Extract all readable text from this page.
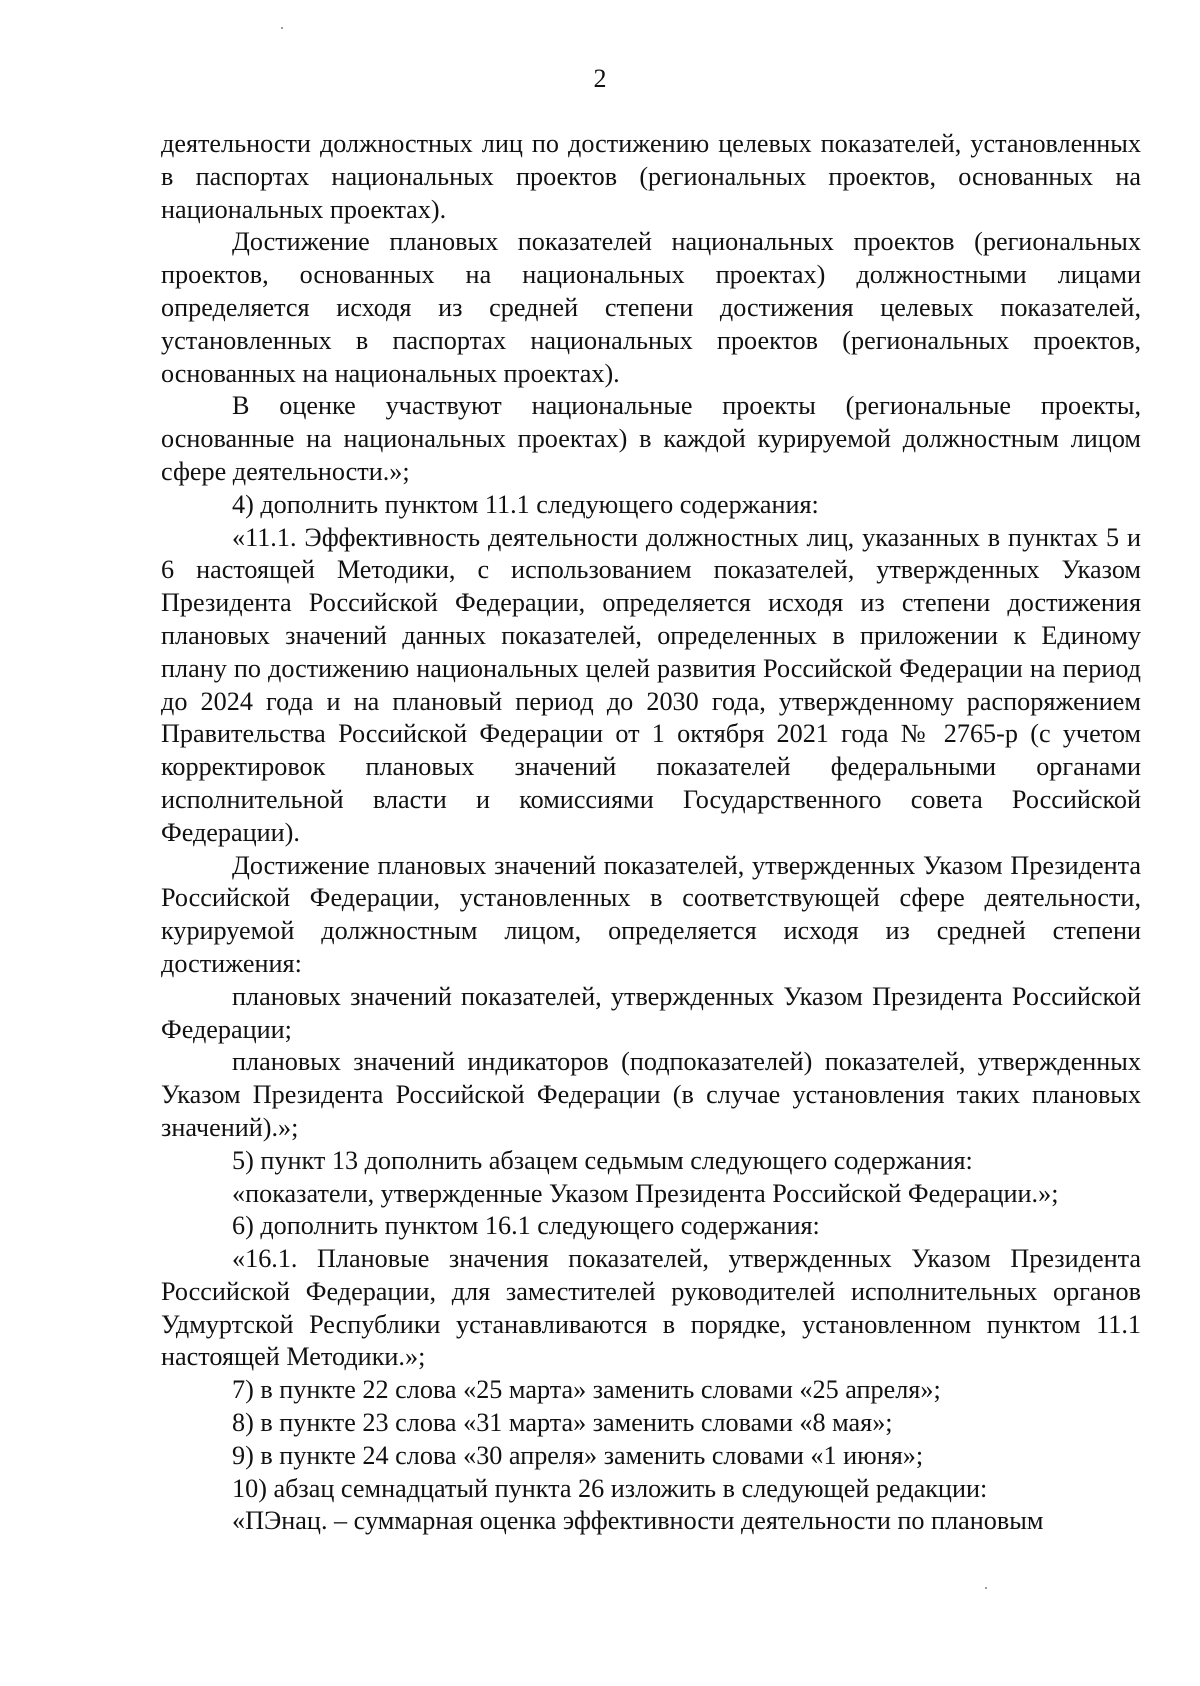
2

деятельности должностных лиц по достижению целевых показателей, установленных в паспортах национальных проектов (региональных проектов, основанных на национальных проектах).

Достижение плановых показателей национальных проектов (региональных проектов, основанных на национальных проектах) должностными лицами определяется исходя из средней степени достижения целевых показателей, установленных в паспортах национальных проектов (региональных проектов, основанных на национальных проектах).

В оценке участвуют национальные проекты (региональные проекты, основанные на национальных проектах) в каждой курируемой должностным лицом сфере деятельности.»;

4) дополнить пунктом 11.1 следующего содержания:

«11.1. Эффективность деятельности должностных лиц, указанных в пунктах 5 и 6 настоящей Методики, с использованием показателей, утвержденных Указом Президента Российской Федерации, определяется исходя из степени достижения плановых значений данных показателей, определенных в приложении к Единому плану по достижению национальных целей развития Российской Федерации на период до 2024 года и на плановый период до 2030 года, утвержденному распоряжением Правительства Российской Федерации от 1 октября 2021 года № 2765-р (с учетом корректировок плановых значений показателей федеральными органами исполнительной власти и комиссиями Государственного совета Российской Федерации).

Достижение плановых значений показателей, утвержденных Указом Президента Российской Федерации, установленных в соответствующей сфере деятельности, курируемой должностным лицом, определяется исходя из средней степени достижения:

плановых значений показателей, утвержденных Указом Президента Российской Федерации;

плановых значений индикаторов (подпоказателей) показателей, утвержденных Указом Президента Российской Федерации (в случае установления таких плановых значений).»;

5) пункт 13 дополнить абзацем седьмым следующего содержания:

«показатели, утвержденные Указом Президента Российской Федерации.»;

6) дополнить пунктом 16.1 следующего содержания:

«16.1. Плановые значения показателей, утвержденных Указом Президента Российской Федерации, для заместителей руководителей исполнительных органов Удмуртской Республики устанавливаются в порядке, установленном пунктом 11.1 настоящей Методики.»;

7) в пункте 22 слова «25 марта» заменить словами «25 апреля»;

8) в пункте 23 слова «31 марта» заменить словами «8 мая»;

9) в пункте 24 слова «30 апреля» заменить словами «1 июня»;

10) абзац семнадцатый пункта 26 изложить в следующей редакции:

«ПЭнац. – суммарная оценка эффективности деятельности по плановым
